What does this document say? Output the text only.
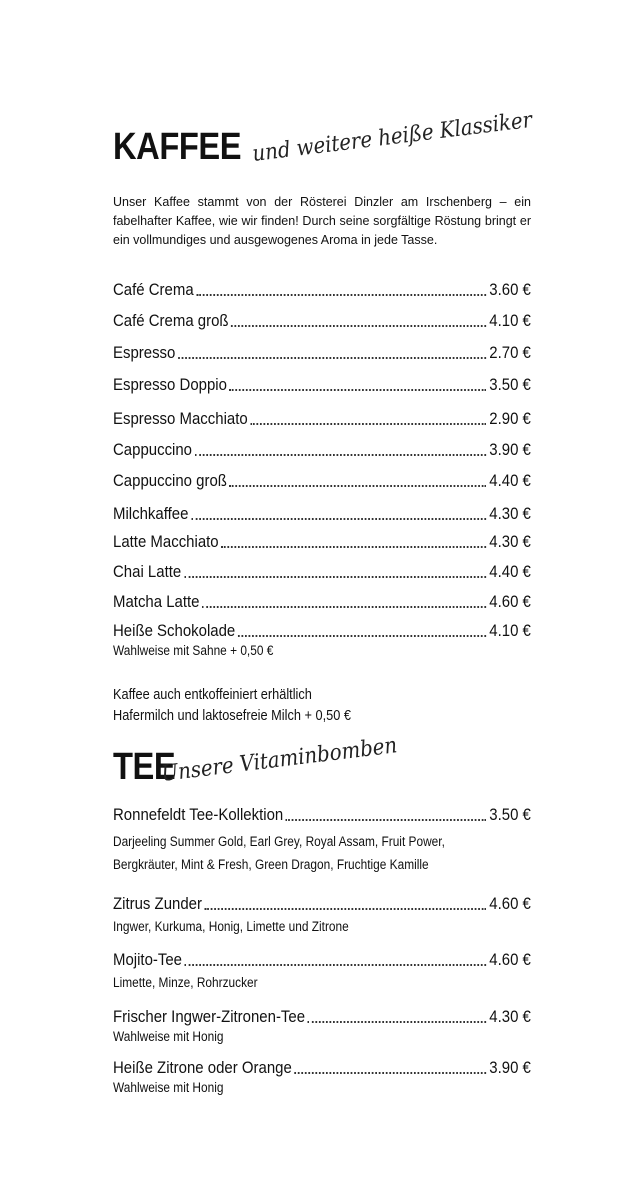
KAFFEE und weitere heiße Klassiker

Unser Kaffee stammt von der Rösterei Dinzler am Irschenberg – ein fabelhafter Kaffee, wie wir finden! Durch seine sorgfältige Röstung bringt er ein vollmundiges und ausgewogenes Aroma in jede Tasse.

Café Crema	3.60 €
Café Crema groß	4.10 €
Espresso	2.70 €
Espresso Doppio	3.50 €
Espresso Macchiato	2.90 €
Cappuccino	3.90 €
Cappuccino groß	4.40 €
Milchkaffee	4.30 €
Latte Macchiato	4.30 €
Chai Latte	4.40 €
Matcha Latte	4.60 €
Heiße Schokolade	4.10 €
Wahlweise mit Sahne + 0,50 €
Kaffee auch entkoffeiniert erhältlich
Hafermilch und laktosefreie Milch + 0,50 €
TEE
Unsere Vitaminbomben
Ronnefeldt Tee-Kollektion	3.50 €
Darjeeling Summer Gold, Earl Grey, Royal Assam, Fruit Power,
Bergkräuter, Mint & Fresh, Green Dragon, Fruchtige Kamille
Zitrus Zunder	4.60 €
Ingwer, Kurkuma, Honig, Limette und Zitrone
Mojito-Tee	4.60 €
Limette, Minze, Rohrzucker
Frischer Ingwer-Zitronen-Tee	4.30 €
Wahlweise mit Honig
Heiße Zitrone oder Orange	3.90 €
Wahlweise mit Honig
